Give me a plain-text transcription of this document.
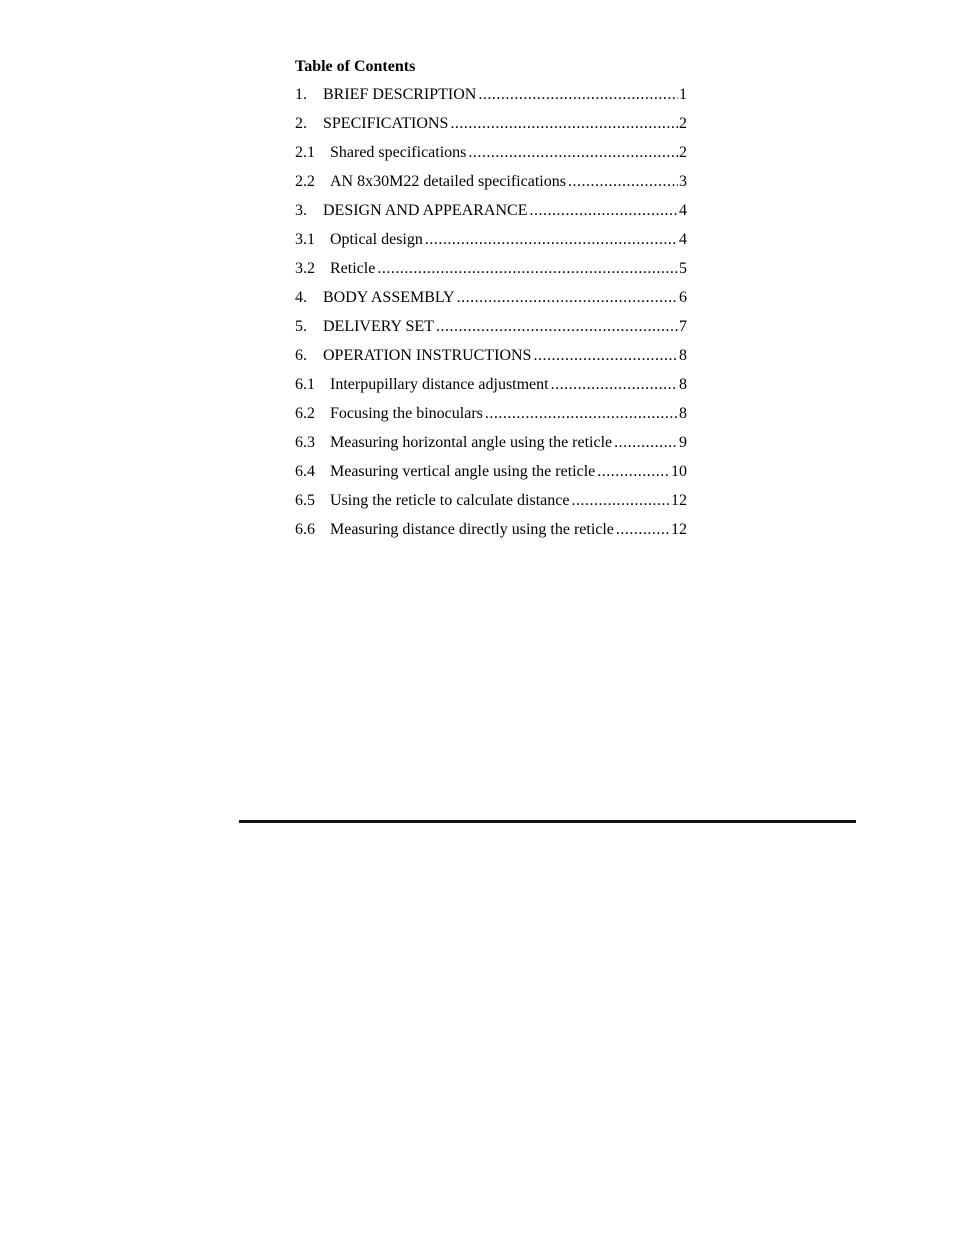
Table of Contents
1.	BRIEF DESCRIPTION .....	1
2.	SPECIFICATIONS .....	2
2.1 Shared specifications .....	2
2.2 AN 8x30M22 detailed specifications .....	3
3.	DESIGN AND APPEARANCE .....	4
3.1 Optical design .....	4
3.2 Reticle .....	5
4.	BODY ASSEMBLY .....	6
5.	DELIVERY SET .....	7
6.	OPERATION INSTRUCTIONS .....	8
6.1 Interpupillary distance adjustment .....	8
6.2 Focusing the binoculars .....	8
6.3 Measuring horizontal angle using the reticle .....	9
6.4 Measuring vertical angle using the reticle .....	10
6.5 Using the reticle to calculate distance .....	12
6.6 Measuring distance directly using the reticle .....	12
